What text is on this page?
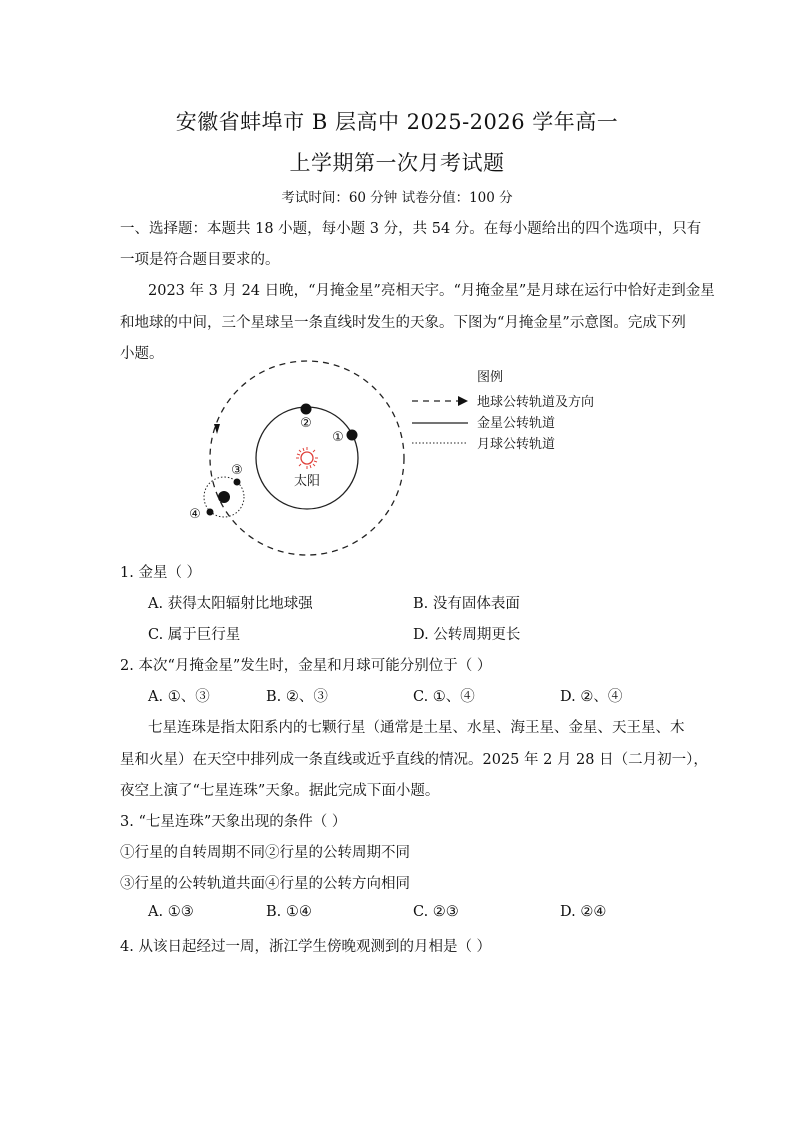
安徽省蚌埠市 B 层高中 2025-2026 学年高一
上学期第一次月考试题
考试时间：60 分钟 试卷分值：100 分
一、选择题：本题共 18 小题，每小题 3 分，共 54 分。在每小题给出的四个选项中，只有
一项是符合题目要求的。
2023 年 3 月 24 日晚，“月掩金星”亮相天宇。“月掩金星”是月球在运行中恰好走到金星
和地球的中间，三个星球呈一条直线时发生的天象。下图为“月掩金星”示意图。完成下列
小题。
太阳
②
①
③
④
图例
地球公转轨道及方向
金星公转轨道
月球公转轨道
1. 金星（ ）
A. 获得太阳辐射比地球强	B. 没有固体表面
C. 属于巨行星	D. 公转周期更长
2. 本次“月掩金星”发生时，金星和月球可能分别位于（ ）
A. ①、③	B. ②、③	C. ①、④	D. ②、④
七星连珠是指太阳系内的七颗行星（通常是土星、水星、海王星、金星、天王星、木
星和火星）在天空中排列成一条直线或近乎直线的情况。2025 年 2 月 28 日（二月初一），
夜空上演了“七星连珠”天象。据此完成下面小题。
3. “七星连珠”天象出现的条件（ ）
①行星的自转周期不同②行星的公转周期不同
③行星的公转轨道共面④行星的公转方向相同
A. ①③	B. ①④	C. ②③	D. ②④
4. 从该日起经过一周，浙江学生傍晚观测到的月相是（ ）
